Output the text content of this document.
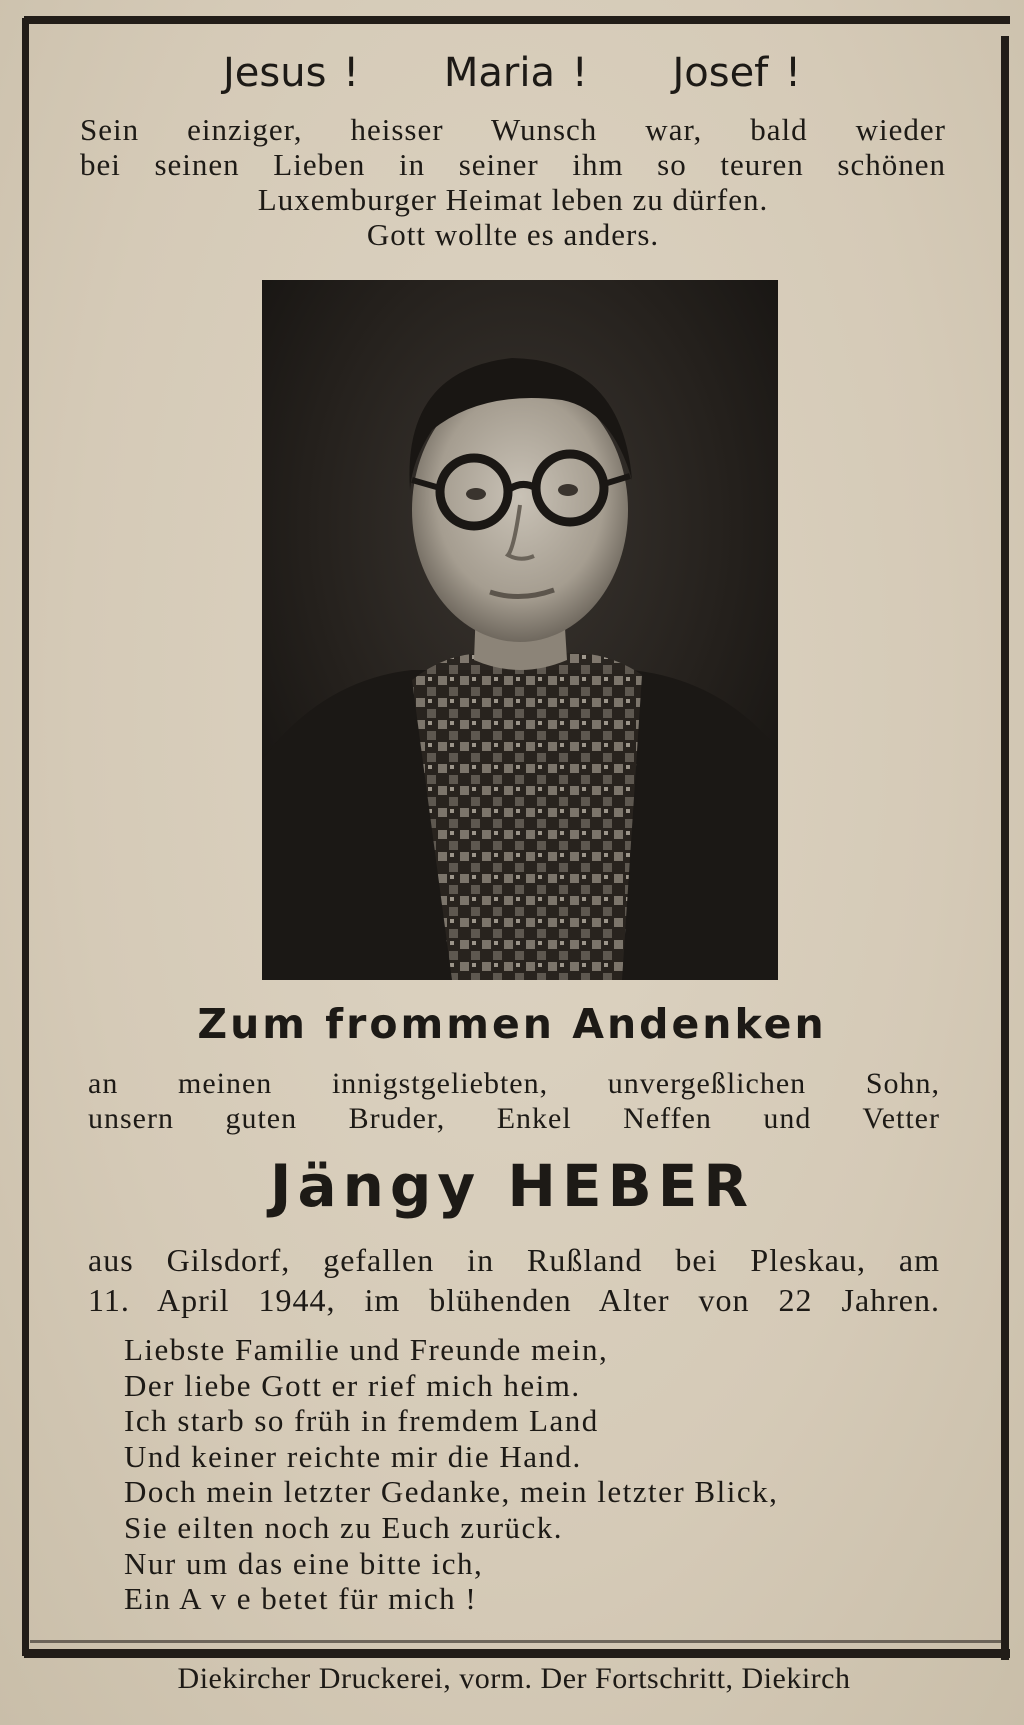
Jesus ! Maria ! Josef !
Sein einziger, heisser Wunsch war, bald wieder
bei seinen Lieben in seiner ihm so teuren schönen
Luxemburger Heimat leben zu dürfen.
Gott wollte es anders.
Zum frommen Andenken
an meinen innigstgeliebten, unvergeßlichen Sohn,
unsern guten Bruder, Enkel Neffen und Vetter
Jängy HEBER
aus Gilsdorf, gefallen in Rußland bei Pleskau, am
11. April 1944, im blühenden Alter von 22 Jahren.
Liebste Familie und Freunde mein,
Der liebe Gott er rief mich heim.
Ich starb so früh in fremdem Land
Und keiner reichte mir die Hand.
Doch mein letzter Gedanke, mein letzter Blick,
Sie eilten noch zu Euch zurück.
Nur um das eine bitte ich,
Ein A v e betet für mich !
Diekircher Druckerei, vorm. Der Fortschritt, Diekirch
